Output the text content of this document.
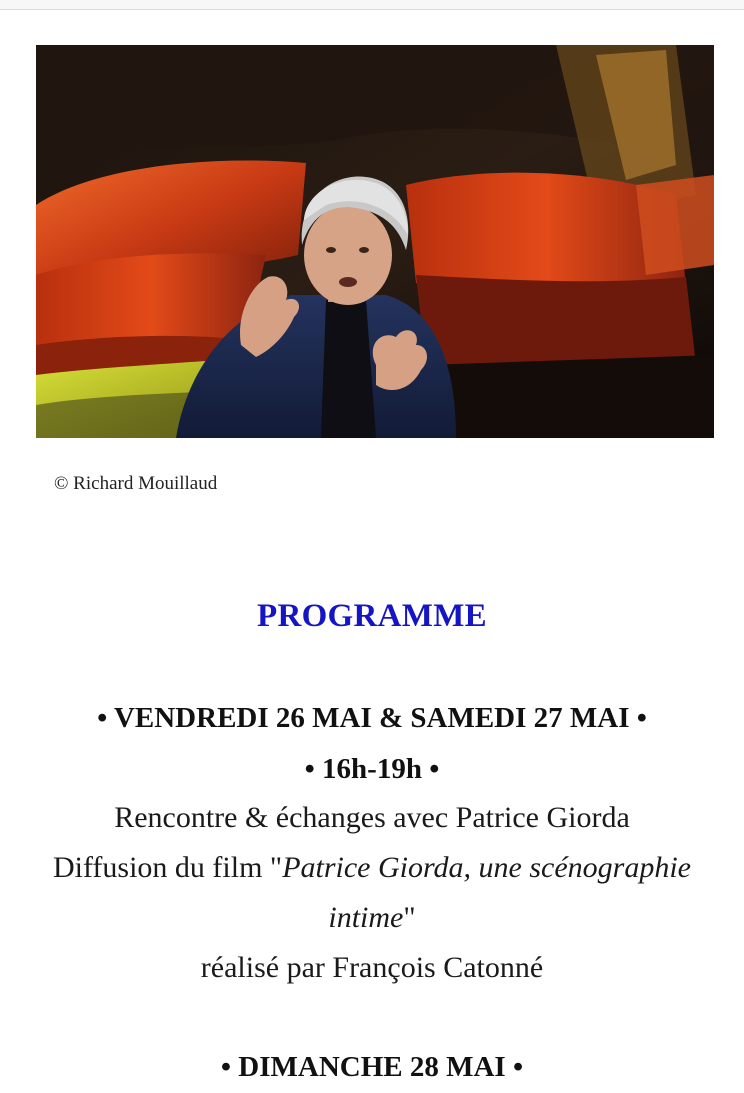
© Richard Mouillaud
PROGRAMME
• VENDREDI 26 MAI & SAMEDI 27 MAI •
• 16h-19h •
Rencontre & échanges avec Patrice Giorda
Diffusion du film "Patrice Giorda, une scénographie
intime"
réalisé par François Catonné
• DIMANCHE 28 MAI •
